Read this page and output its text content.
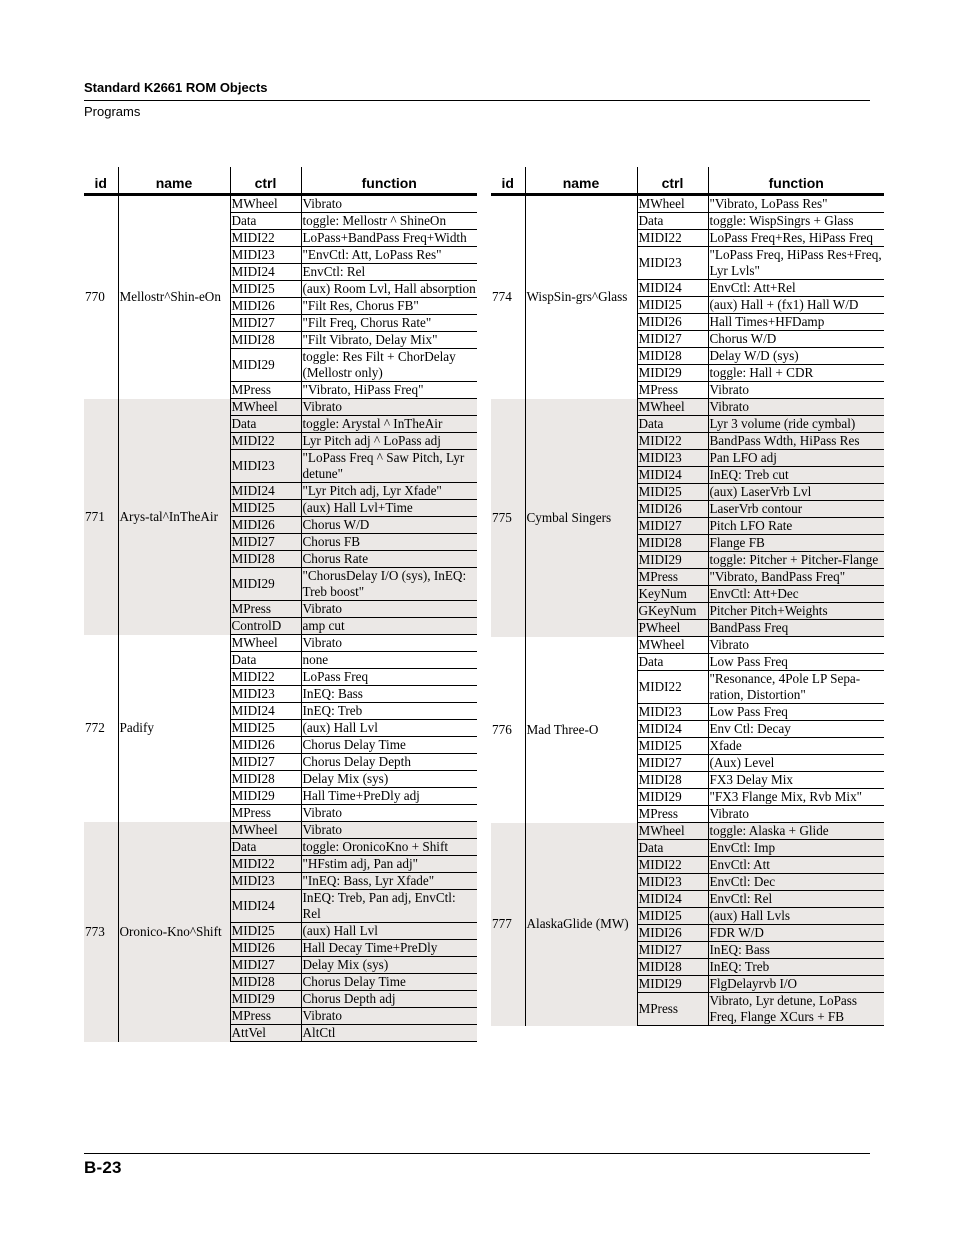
Standard K2661 ROM Objects
Programs
id	name	ctrl	function
770	Mellostr^Shin-eOn	MWheel	Vibrato
		Data	toggle: Mellostr ^ ShineOn
		MIDI22	LoPass+BandPass Freq+Width
		MIDI23	"EnvCtl: Att, LoPass Res"
		MIDI24	EnvCtl: Rel
		MIDI25	(aux) Room Lvl, Hall absorption
		MIDI26	"Filt Res, Chorus FB"
		MIDI27	"Filt Freq, Chorus Rate"
		MIDI28	"Filt Vibrato, Delay Mix"
		MIDI29	toggle: Res Filt + ChorDelay (Mellostr only)
		MPress	"Vibrato, HiPass Freq"
771	Arys-tal^InTheAir	MWheel	Vibrato
		Data	toggle: Arystal ^ InTheAir
		MIDI22	Lyr Pitch adj ^ LoPass adj
		MIDI23	"LoPass Freq ^ Saw Pitch, Lyr detune"
		MIDI24	"Lyr Pitch adj, Lyr Xfade"
		MIDI25	(aux) Hall Lvl+Time
		MIDI26	Chorus W/D
		MIDI27	Chorus FB
		MIDI28	Chorus Rate
		MIDI29	"ChorusDelay I/O (sys), InEQ: Treb boost"
		MPress	Vibrato
		ControlD	amp cut
772	Padify	MWheel	Vibrato
		Data	none
		MIDI22	LoPass Freq
		MIDI23	InEQ: Bass
		MIDI24	InEQ: Treb
		MIDI25	(aux) Hall Lvl
		MIDI26	Chorus Delay Time
		MIDI27	Chorus Delay Depth
		MIDI28	Delay Mix (sys)
		MIDI29	Hall Time+PreDly adj
		MPress	Vibrato
773	Oronico-Kno^Shift	MWheel	Vibrato
		Data	toggle: OronicoKno + Shift
		MIDI22	"HFstim adj, Pan adj"
		MIDI23	"InEQ: Bass, Lyr Xfade"
		MIDI24	InEQ: Treb, Pan adj, EnvCtl: Rel
		MIDI25	(aux) Hall Lvl
		MIDI26	Hall Decay Time+PreDly
		MIDI27	Delay Mix (sys)
		MIDI28	Chorus Delay Time
		MIDI29	Chorus Depth adj
		MPress	Vibrato
		AttVel	AltCtl
id	name	ctrl	function
774	WispSin-grs^Glass	MWheel	"Vibrato, LoPass Res"
		Data	toggle: WispSingrs + Glass
		MIDI22	LoPass Freq+Res, HiPass Freq
		MIDI23	"LoPass Freq, HiPass Res+Freq, Lyr Lvls"
		MIDI24	EnvCtl: Att+Rel
		MIDI25	(aux) Hall + (fx1) Hall W/D
		MIDI26	Hall Times+HFDamp
		MIDI27	Chorus W/D
		MIDI28	Delay W/D (sys)
		MIDI29	toggle: Hall + CDR
		MPress	Vibrato
775	Cymbal Singers	MWheel	Vibrato
		Data	Lyr 3 volume (ride cymbal)
		MIDI22	BandPass Wdth, HiPass Res
		MIDI23	Pan LFO adj
		MIDI24	InEQ: Treb cut
		MIDI25	(aux) LaserVrb Lvl
		MIDI26	LaserVrb contour
		MIDI27	Pitch LFO Rate
		MIDI28	Flange FB
		MIDI29	toggle: Pitcher + Pitcher-Flange
		MPress	"Vibrato, BandPass Freq"
		KeyNum	EnvCtl: Att+Dec
		GKeyNum	Pitcher Pitch+Weights
		PWheel	BandPass Freq
776	Mad Three-O	MWheel	Vibrato
		Data	Low Pass Freq
		MIDI22	"Resonance, 4Pole LP Sepa-ration, Distortion"
		MIDI23	Low Pass Freq
		MIDI24	Env Ctl: Decay
		MIDI25	Xfade
		MIDI27	(Aux) Level
		MIDI28	FX3 Delay Mix
		MIDI29	"FX3 Flange Mix, Rvb Mix"
		MPress	Vibrato
777	AlaskaGlide (MW)	MWheel	toggle: Alaska + Glide
		Data	EnvCtl: Imp
		MIDI22	EnvCtl: Att
		MIDI23	EnvCtl: Dec
		MIDI24	EnvCtl: Rel
		MIDI25	(aux) Hall Lvls
		MIDI26	FDR W/D
		MIDI27	InEQ: Bass
		MIDI28	InEQ: Treb
		MIDI29	FlgDelayrvb I/O
		MPress	Vibrato, Lyr detune, LoPass Freq, Flange XCurs + FB
B-23
